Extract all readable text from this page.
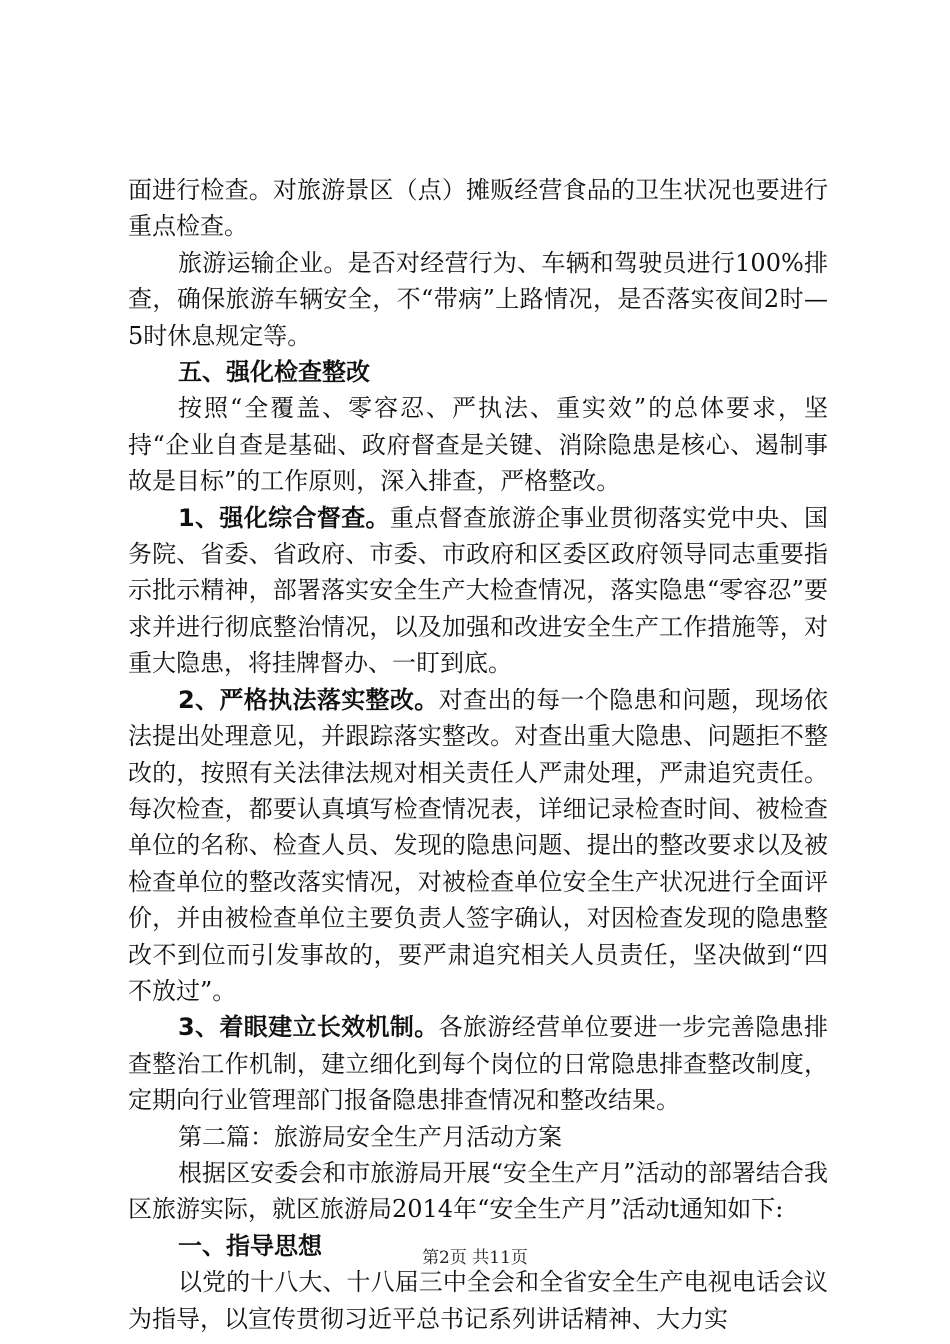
面进行检查。对旅游景区（点）摊贩经营食品的卫生状况也要进行重点检查。

旅游运输企业。是否对经营行为、车辆和驾驶员进行100%排查，确保旅游车辆安全，不“带病”上路情况，是否落实夜间2时—5时休息规定等。

五、强化检查整改

按照“全覆盖、零容忍、严执法、重实效”的总体要求，坚持“企业自查是基础、政府督查是关键、消除隐患是核心、遏制事故是目标”的工作原则，深入排查，严格整改。

1、强化综合督查。重点督查旅游企事业贯彻落实党中央、国务院、省委、省政府、市委、市政府和区委区政府领导同志重要指示批示精神，部署落实安全生产大检查情况，落实隐患“零容忍”要求并进行彻底整治情况，以及加强和改进安全生产工作措施等，对重大隐患，将挂牌督办、一盯到底。

2、严格执法落实整改。对查出的每一个隐患和问题，现场依法提出处理意见，并跟踪落实整改。对查出重大隐患、问题拒不整改的，按照有关法律法规对相关责任人严肃处理，严肃追究责任。每次检查，都要认真填写检查情况表，详细记录检查时间、被检查单位的名称、检查人员、发现的隐患问题、提出的整改要求以及被检查单位的整改落实情况，对被检查单位安全生产状况进行全面评价，并由被检查单位主要负责人签字确认，对因检查发现的隐患整改不到位而引发事故的，要严肃追究相关人员责任，坚决做到“四不放过”。

3、着眼建立长效机制。各旅游经营单位要进一步完善隐患排查整治工作机制，建立细化到每个岗位的日常隐患排查整改制度，定期向行业管理部门报备隐患排查情况和整改结果。

第二篇：旅游局安全生产月活动方案

根据区安委会和市旅游局开展“安全生产月”活动的部署结合我区旅游实际，就区旅游局2014年“安全生产月”活动t通知如下:

一、指导思想

以党的十八大、十八届三中全会和全省安全生产电视电话会议为指导，以宣传贯彻习近平总书记系列讲话精神、大力实

第2页 共11页
